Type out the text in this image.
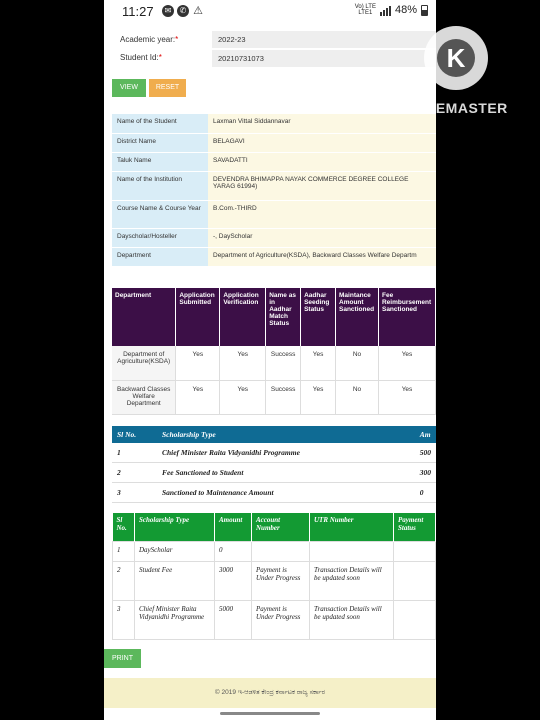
11:27	✉	✆ ⚠	Vo) LTE
LTE1	48%
Academic year:*	2022-23
Student Id:*	20210731073
VIEW	RESET
Name of the Student	Laxman Vittal Siddannavar
District Name	BELAGAVI
Taluk Name	SAVADATTI
Name of the Institution	DEVENDRA BHIMAPPA NAYAK COMMERCE DEGREE COLLEGE YARAG 61994)
Course Name & Course Year	B.Com.-THIRD
Dayscholar/Hosteller	-, DayScholar
Department	Department of Agriculture(KSDA), Backward Classes Welfare Departm
Department	Application Submitted	Application Verification	Name as in Aadhar Match Status	Aadhar Seeding Status	Maintance Amount Sanctioned	Fee Reimbursement Sanctioned
Department of Agriculture(KSDA)	Yes	Yes	Success	Yes	No	Yes
Backward Classes Welfare Department	Yes	Yes	Success	Yes	No	Yes
Sl No.	Scholarship Type	Am
1	Chief Minister Raita Vidyanidhi Programme	500
2	Fee Sanctioned to Student	300
3	Sanctioned to Maintenance Amount	0
Sl No.	Scholarship Type	Amount	Account Number	UTR Number	Payment Status
1	DayScholar	0			
2	Student Fee	3000	Payment is Under Progress	Transaction Details will be updated soon	
3	Chief Minister Raita Vidyanidhi Programme	5000	Payment is Under Progress	Transaction Details will be updated soon	
PRINT
© 2019 ಇ-ಆಡಳಿತ ಕೇಂದ್ರ ಕರ್ನಾಟಕ ರಾಜ್ಯ ಸರ್ಕಾರ
K
KINEMASTER
